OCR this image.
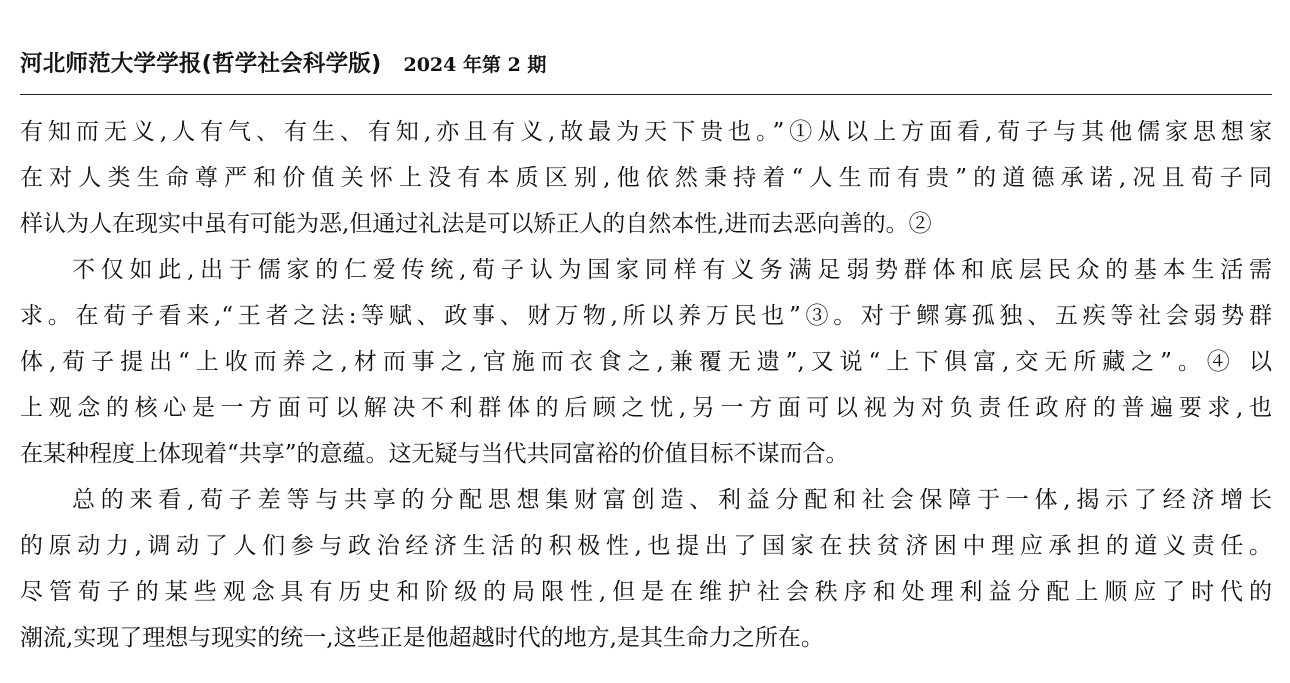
河北师范大学学报(哲学社会科学版) 2024 年第 2 期
有知而无义,人有气、有生、有知,亦且有义,故最为天下贵也。”①从以上方面看,荀子与其他儒家思想家
在对人类生命尊严和价值关怀上没有本质区别,他依然秉持着“人生而有贵”的道德承诺,况且荀子同
样认为人在现实中虽有可能为恶,但通过礼法是可以矫正人的自然本性,进而去恶向善的。②
不仅如此,出于儒家的仁爱传统,荀子认为国家同样有义务满足弱势群体和底层民众的基本生活需
求。在荀子看来,“王者之法:等赋、政事、财万物,所以养万民也”③。对于鳏寡孤独、五疾等社会弱势群
体,荀子提出“上收而养之,材而事之,官施而衣食之,兼覆无遗”,又说“上下俱富,交无所藏之”。④ 以
上观念的核心是一方面可以解决不利群体的后顾之忧,另一方面可以视为对负责任政府的普遍要求,也
在某种程度上体现着“共享”的意蕴。这无疑与当代共同富裕的价值目标不谋而合。
总的来看,荀子差等与共享的分配思想集财富创造、利益分配和社会保障于一体,揭示了经济增长
的原动力,调动了人们参与政治经济生活的积极性,也提出了国家在扶贫济困中理应承担的道义责任。
尽管荀子的某些观念具有历史和阶级的局限性,但是在维护社会秩序和处理利益分配上顺应了时代的
潮流,实现了理想与现实的统一,这些正是他超越时代的地方,是其生命力之所在。
